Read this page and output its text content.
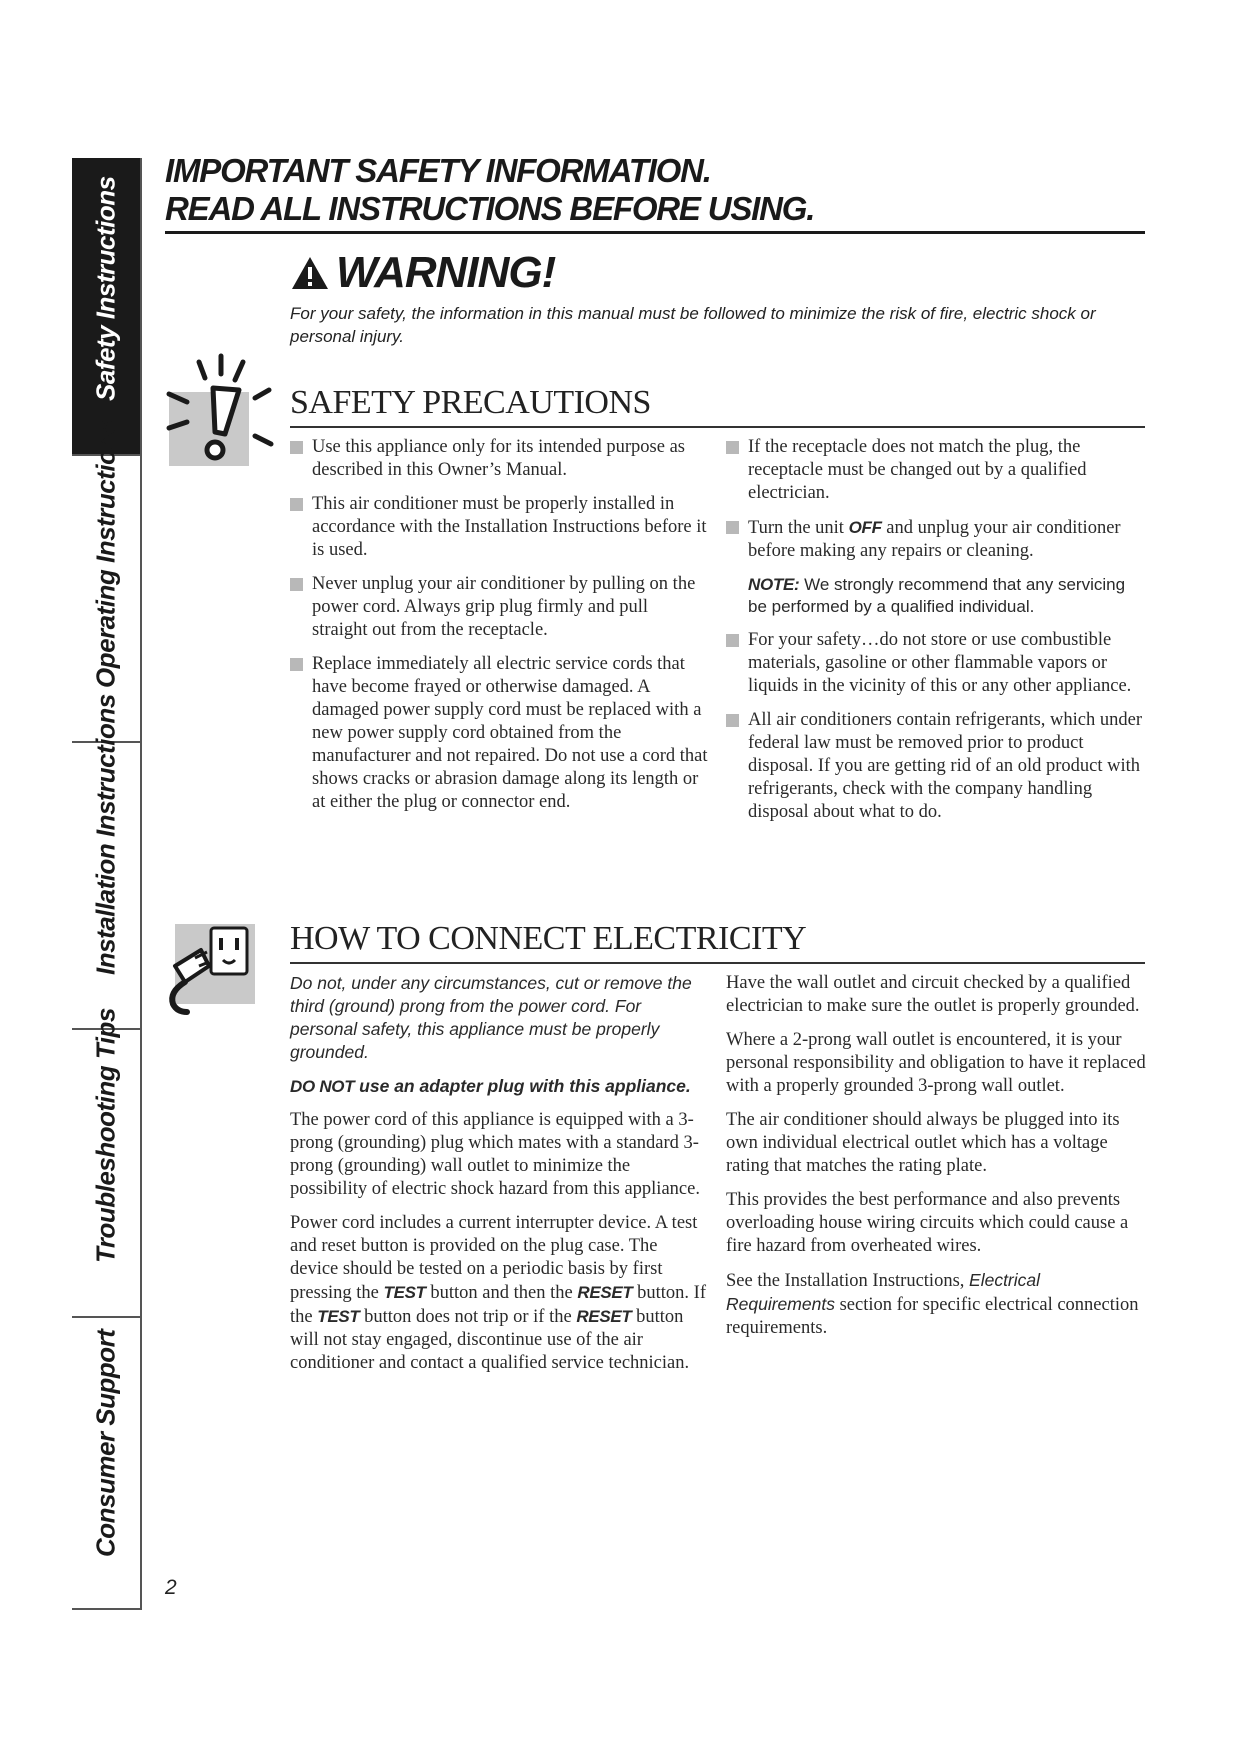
Safety Instructions
Operating Instructions
Installation Instructions
Troubleshooting Tips
Consumer Support
IMPORTANT SAFETY INFORMATION.
READ ALL INSTRUCTIONS BEFORE USING.
WARNING!
For your safety, the information in this manual must be followed to minimize the risk of fire, electric shock or personal injury.
SAFETY PRECAUTIONS
Use this appliance only for its intended purpose as described in this Owner’s Manual.
This air conditioner must be properly installed in accordance with the Installation Instructions before it is used.
Never unplug your air conditioner by pulling on the power cord. Always grip plug firmly and pull straight out from the receptacle.
Replace immediately all electric service cords that have become frayed or otherwise damaged. A damaged power supply cord must be replaced with a new power supply cord obtained from the manufacturer and not repaired. Do not use a cord that shows cracks or abrasion damage along its length or at either the plug or connector end.
If the receptacle does not match the plug, the receptacle must be changed out by a qualified electrician.
Turn the unit OFF and unplug your air conditioner before making any repairs or cleaning.
NOTE: We strongly recommend that any servicing be performed by a qualified individual.
For your safety…do not store or use combustible materials, gasoline or other flammable vapors or liquids in the vicinity of this or any other appliance.
All air conditioners contain refrigerants, which under federal law must be removed prior to product disposal. If you are getting rid of an old product with refrigerants, check with the company handling disposal about what to do.
HOW TO CONNECT ELECTRICITY

Do not, under any circumstances, cut or remove the third (ground) prong from the power cord. For personal safety, this appliance must be properly grounded.

DO NOT use an adapter plug with this appliance.

The power cord of this appliance is equipped with a 3-prong (grounding) plug which mates with a standard 3-prong (grounding) wall outlet to minimize the possibility of electric shock hazard from this appliance.

Power cord includes a current interrupter device. A test and reset button is provided on the plug case. The device should be tested on a periodic basis by first pressing the TEST button and then the RESET button. If the TEST button does not trip or if the RESET button will not stay engaged, discontinue use of the air conditioner and contact a qualified service technician.

Have the wall outlet and circuit checked by a qualified electrician to make sure the outlet is properly grounded.

Where a 2-prong wall outlet is encountered, it is your personal responsibility and obligation to have it replaced with a properly grounded 3-prong wall outlet.

The air conditioner should always be plugged into its own individual electrical outlet which has a voltage rating that matches the rating plate.

This provides the best performance and also prevents overloading house wiring circuits which could cause a fire hazard from overheated wires.

See the Installation Instructions, Electrical Requirements section for specific electrical connection requirements.

2
